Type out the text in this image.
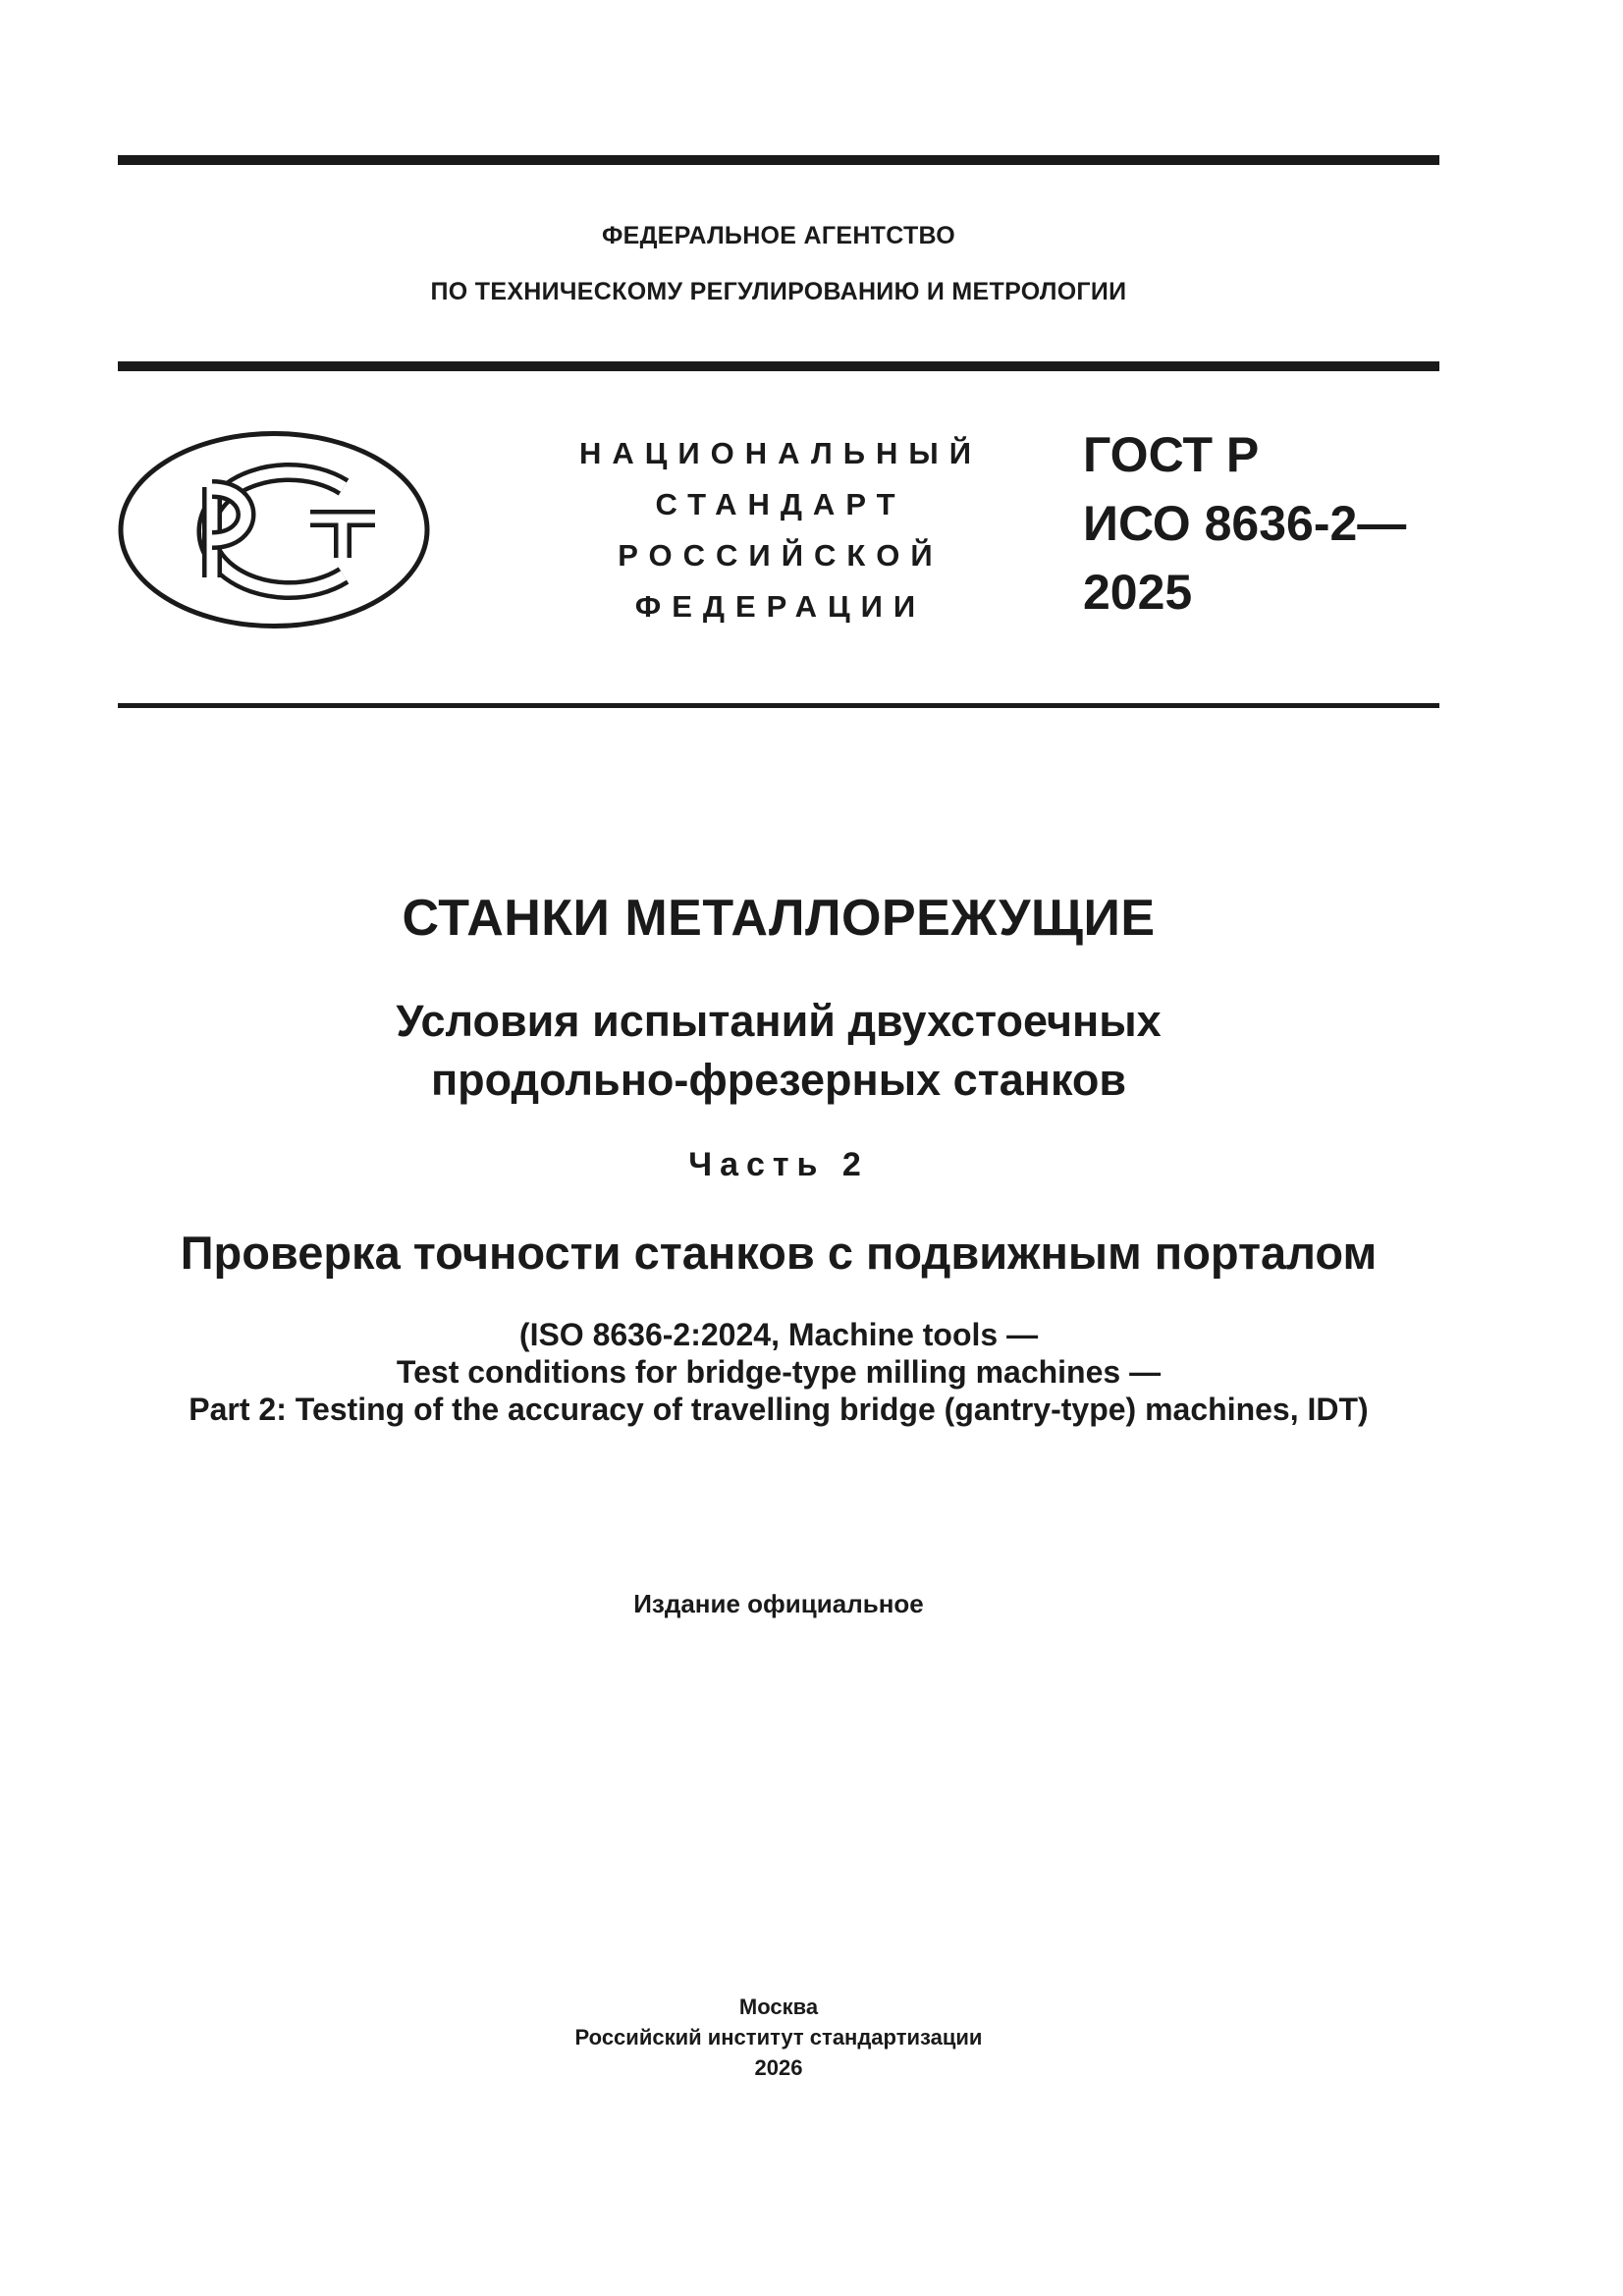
ФЕДЕРАЛЬНОЕ АГЕНТСТВО
ПО ТЕХНИЧЕСКОМУ РЕГУЛИРОВАНИЮ И МЕТРОЛОГИИ
НАЦИОНАЛЬНЫЙ
СТАНДАРТ
РОССИЙСКОЙ
ФЕДЕРАЦИИ
ГОСТ Р
ИСО 8636-2—
2025
СТАНКИ МЕТАЛЛОРЕЖУЩИЕ
Условия испытаний двухстоечных
продольно-фрезерных станков
Часть 2
Проверка точности станков с подвижным порталом
(ISO 8636-2:2024, Machine tools —
Test conditions for bridge-type milling machines —
Part 2: Testing of the accuracy of travelling bridge (gantry-type) machines, IDT)
Издание официальное
Москва
Российский институт стандартизации
2026
